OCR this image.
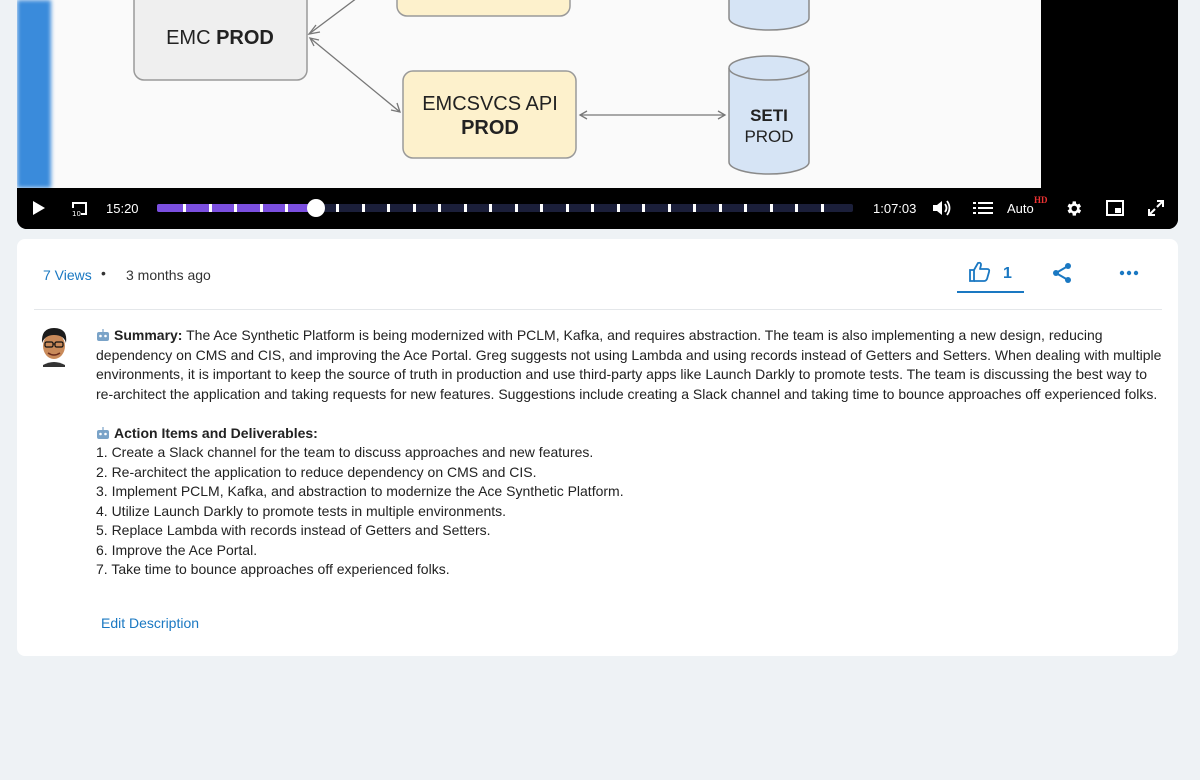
EMC PROD
EMCSVCS API
PROD
SETI
PROD
10 15:20	1:07:03	Auto
HD
7 Views • 3 months ago	1
Summary: The Ace Synthetic Platform is being modernized with PCLM, Kafka, and requires abstraction. The team is also implementing a new design, reducing dependency on CMS and CIS, and improving the Ace Portal. Greg suggests not using Lambda and using records instead of Getters and Setters. When dealing with multiple environments, it is important to keep the source of truth in production and use third-party apps like Launch Darkly to promote tests. The team is discussing the best way to re-architect the application and taking requests for new features. Suggestions include creating a Slack channel and taking time to bounce approaches off experienced folks.
Action Items and Deliverables:
1. Create a Slack channel for the team to discuss approaches and new features.
2. Re-architect the application to reduce dependency on CMS and CIS.
3. Implement PCLM, Kafka, and abstraction to modernize the Ace Synthetic Platform.
4. Utilize Launch Darkly to promote tests in multiple environments.
5. Replace Lambda with records instead of Getters and Setters.
6. Improve the Ace Portal.
7. Take time to bounce approaches off experienced folks.
Edit Description
